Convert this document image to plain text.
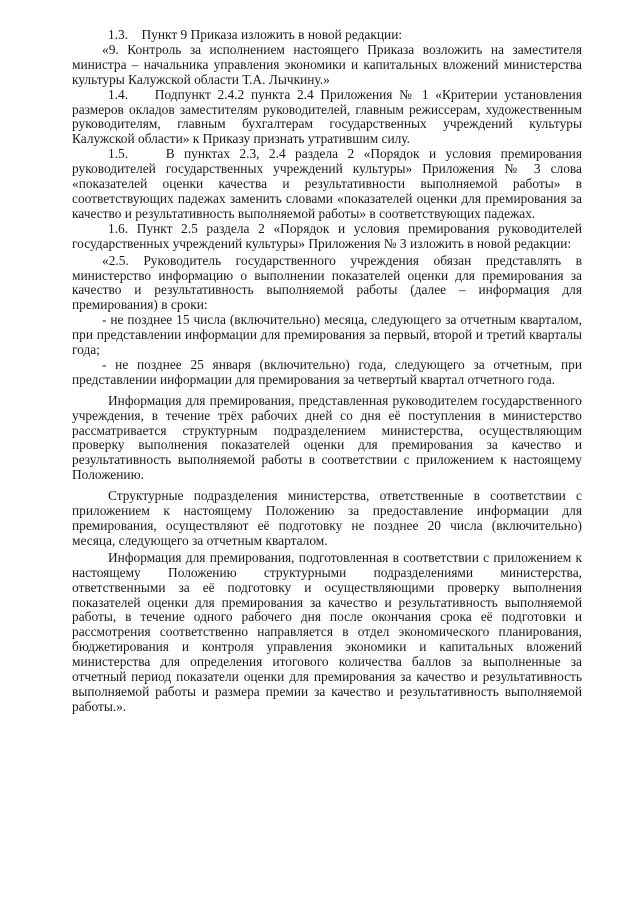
1.3.    Пункт 9 Приказа изложить в новой редакции:

«9. Контроль за исполнением настоящего Приказа возложить на заместителя министра – начальника управления экономики и капитальных вложений министерства культуры Калужской области Т.А. Лычкину.»

1.4.    Подпункт 2.4.2 пункта 2.4 Приложения № 1 «Критерии установления размеров окладов заместителям руководителей, главным режиссерам, художественным руководителям, главным бухгалтерам государственных учреждений культуры Калужской области» к Приказу признать утратившим силу.

1.5.    В пунктах 2.3, 2.4 раздела 2 «Порядок и условия премирования руководителей государственных учреждений культуры» Приложения № 3 слова «показателей оценки качества и результативности выполняемой работы» в соответствующих падежах заменить словами «показателей оценки для премирования за качество и результативность выполняемой работы» в соответствующих падежах.

1.6. Пункт 2.5 раздела 2 «Порядок и условия премирования руководителей государственных учреждений культуры» Приложения № 3 изложить в новой редакции:

«2.5. Руководитель государственного учреждения обязан представлять в министерство информацию о выполнении показателей оценки для премирования за качество и результативность выполняемой работы (далее – информация для премирования) в сроки:

- не позднее 15 числа (включительно) месяца, следующего за отчетным кварталом, при представлении информации для премирования за первый, второй и третий кварталы года;

- не позднее 25 января (включительно) года, следующего за отчетным, при представлении информации для премирования за четвертый квартал отчетного года.

Информация для премирования, представленная руководителем государственного учреждения, в течение трёх рабочих дней со дня её поступления в министерство рассматривается структурным подразделением министерства, осуществляющим проверку выполнения показателей оценки для премирования за качество и результативность выполняемой работы в соответствии с приложением к настоящему Положению.

Структурные подразделения министерства, ответственные в соответствии с приложением к настоящему Положению за предоставление информации для премирования, осуществляют её подготовку не позднее 20 числа (включительно) месяца, следующего за отчетным кварталом.

Информация для премирования, подготовленная в соответствии с приложением к настоящему Положению структурными подразделениями министерства, ответственными за её подготовку и осуществляющими проверку выполнения показателей оценки для премирования за качество и результативность выполняемой работы, в течение одного рабочего дня после окончания срока её подготовки и рассмотрения соответственно направляется в отдел экономического планирования, бюджетирования и контроля управления экономики и капитальных вложений министерства для определения итогового количества баллов за выполненные за отчетный период показатели оценки для премирования за качество и результативность выполняемой работы и размера премии за качество и результативность выполняемой работы.».
